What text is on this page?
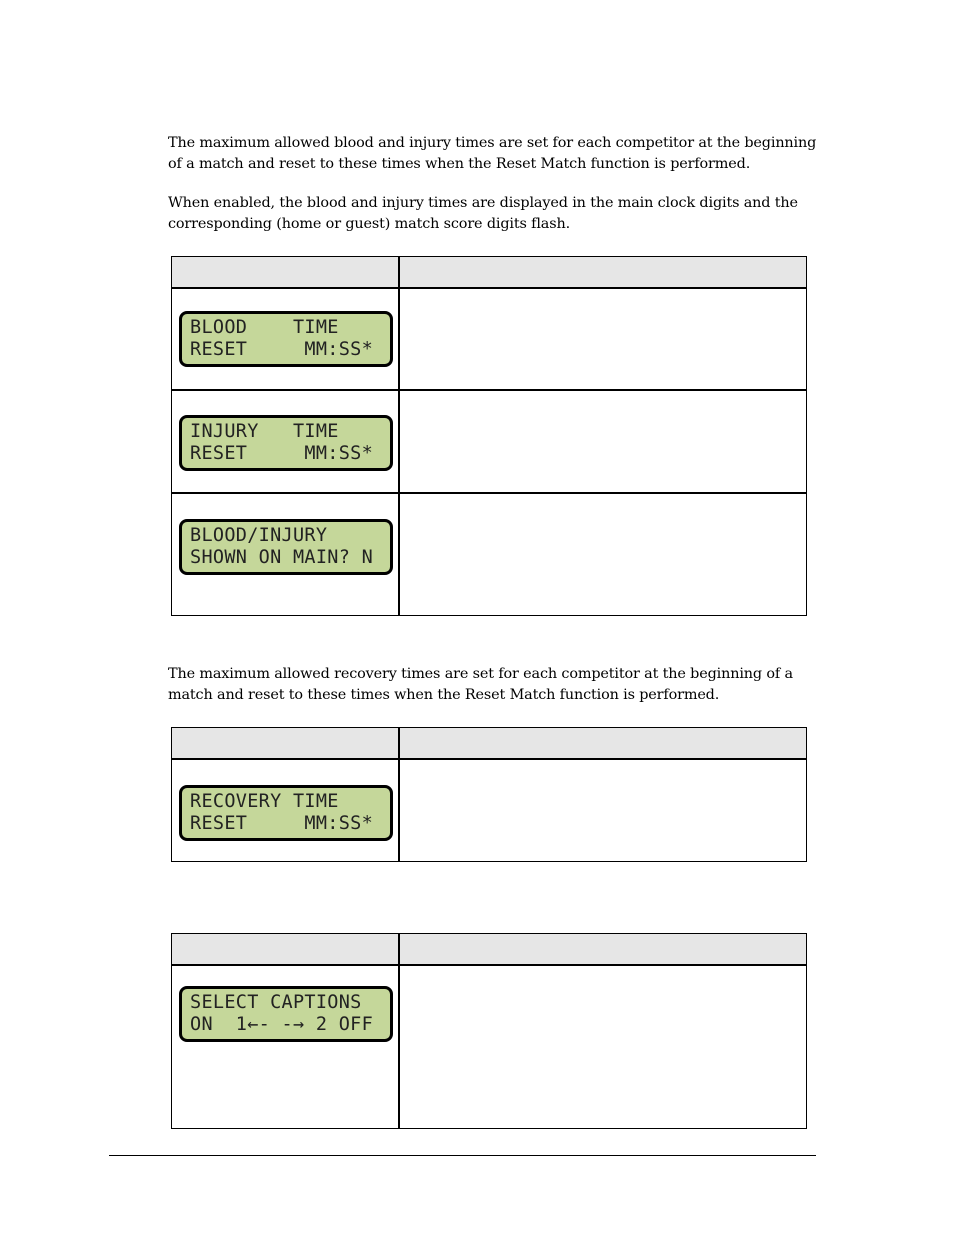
The maximum allowed blood and injury times are set for each competitor at the beginning of a match and reset to these times when the Reset Match function is performed.

When enabled, the blood and injury times are displayed in the main clock digits and the corresponding (home or guest) match score digits flash.

BLOOD    TIME
RESET     MM:SS*
INJURY   TIME
RESET     MM:SS*
BLOOD/INJURY
SHOWN ON MAIN? N

The maximum allowed recovery times are set for each competitor at the beginning of a match and reset to these times when the Reset Match function is performed.

RECOVERY TIME
RESET     MM:SS*
SELECT CAPTIONS
ON  1←- -→ 2 OFF
